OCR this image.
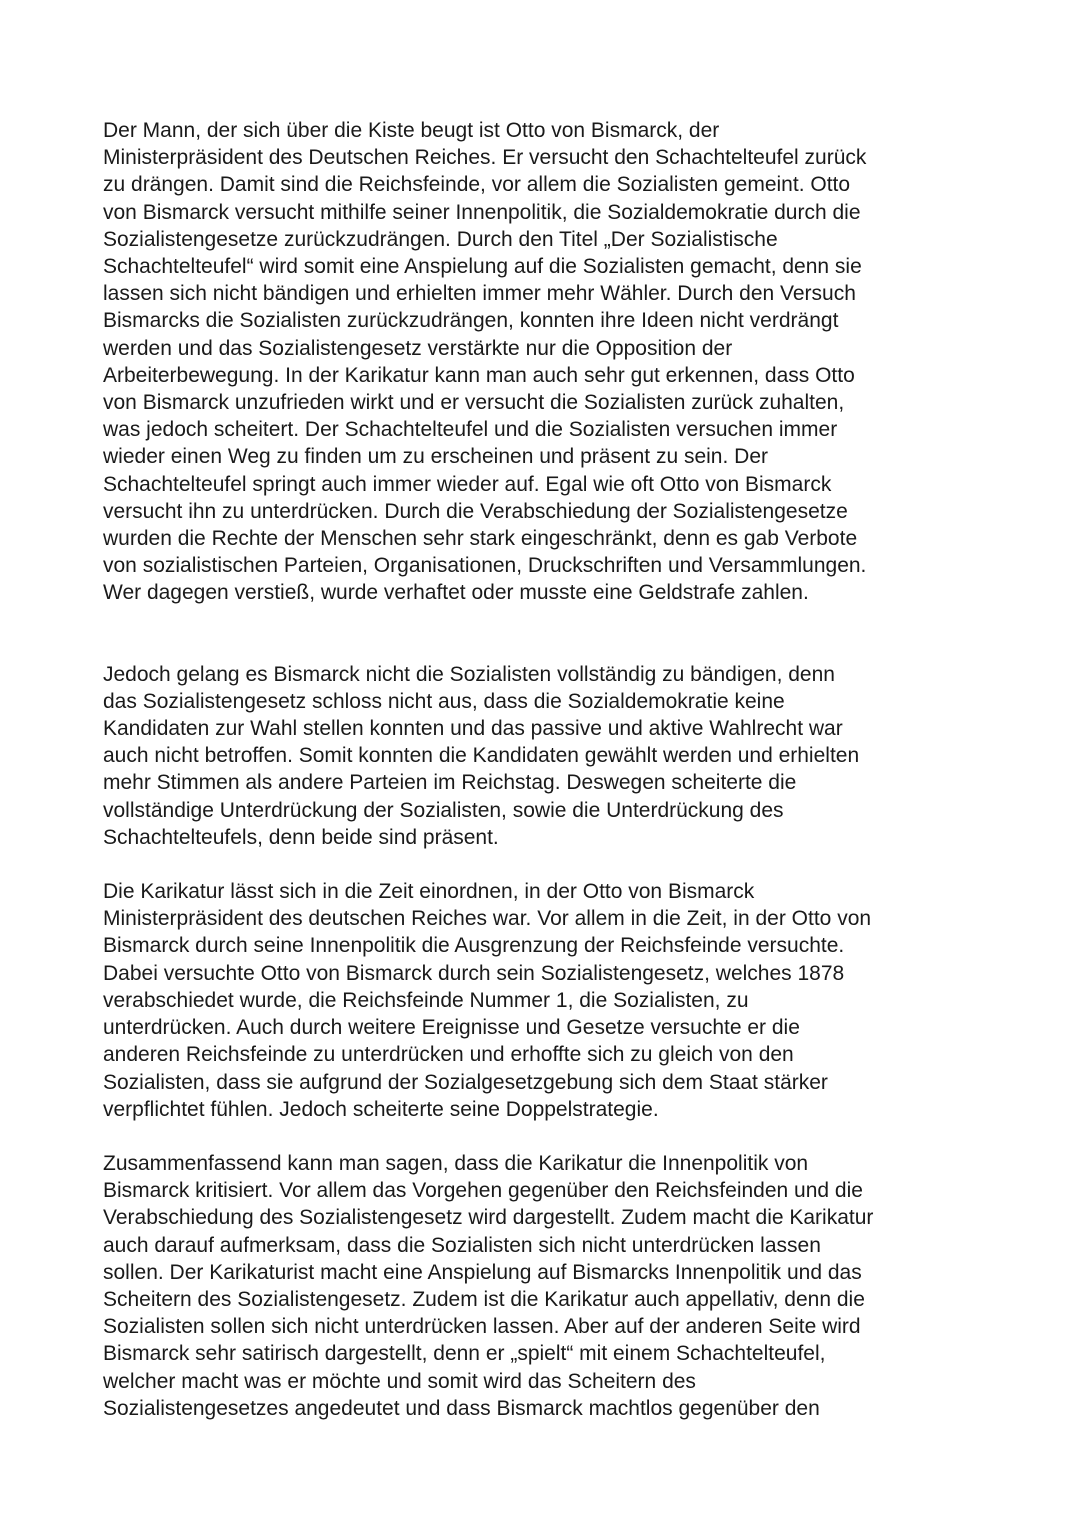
Der Mann, der sich über die Kiste beugt ist Otto von Bismarck, der
Ministerpräsident des Deutschen Reiches. Er versucht den Schachtelteufel zurück
zu drängen. Damit sind die Reichsfeinde, vor allem die Sozialisten gemeint. Otto
von Bismarck versucht mithilfe seiner Innenpolitik, die Sozialdemokratie durch die
Sozialistengesetze zurückzudrängen. Durch den Titel „Der Sozialistische
Schachtelteufel“ wird somit eine Anspielung auf die Sozialisten gemacht, denn sie
lassen sich nicht bändigen und erhielten immer mehr Wähler. Durch den Versuch
Bismarcks die Sozialisten zurückzudrängen, konnten ihre Ideen nicht verdrängt
werden und das Sozialistengesetz verstärkte nur die Opposition der
Arbeiterbewegung. In der Karikatur kann man auch sehr gut erkennen, dass Otto
von Bismarck unzufrieden wirkt und er versucht die Sozialisten zurück zuhalten,
was jedoch scheitert. Der Schachtelteufel und die Sozialisten versuchen immer
wieder einen Weg zu finden um zu erscheinen und präsent zu sein. Der
Schachtelteufel springt auch immer wieder auf. Egal wie oft Otto von Bismarck
versucht ihn zu unterdrücken. Durch die Verabschiedung der Sozialistengesetze
wurden die Rechte der Menschen sehr stark eingeschränkt, denn es gab Verbote
von sozialistischen Parteien, Organisationen, Druckschriften und Versammlungen.
Wer dagegen verstieß, wurde verhaftet oder musste eine Geldstrafe zahlen.

Jedoch gelang es Bismarck nicht die Sozialisten vollständig zu bändigen, denn
das Sozialistengesetz schloss nicht aus, dass die Sozialdemokratie keine
Kandidaten zur Wahl stellen konnten und das passive und aktive Wahlrecht war
auch nicht betroffen. Somit konnten die Kandidaten gewählt werden und erhielten
mehr Stimmen als andere Parteien im Reichstag. Deswegen scheiterte die
vollständige Unterdrückung der Sozialisten, sowie die Unterdrückung des
Schachtelteufels, denn beide sind präsent.

Die Karikatur lässt sich in die Zeit einordnen, in der Otto von Bismarck
Ministerpräsident des deutschen Reiches war. Vor allem in die Zeit, in der Otto von
Bismarck durch seine Innenpolitik die Ausgrenzung der Reichsfeinde versuchte.
Dabei versuchte Otto von Bismarck durch sein Sozialistengesetz, welches 1878
verabschiedet wurde, die Reichsfeinde Nummer 1, die Sozialisten, zu
unterdrücken. Auch durch weitere Ereignisse und Gesetze versuchte er die
anderen Reichsfeinde zu unterdrücken und erhoffte sich zu gleich von den
Sozialisten, dass sie aufgrund der Sozialgesetzgebung sich dem Staat stärker
verpflichtet fühlen. Jedoch scheiterte seine Doppelstrategie.

Zusammenfassend kann man sagen, dass die Karikatur die Innenpolitik von
Bismarck kritisiert. Vor allem das Vorgehen gegenüber den Reichsfeinden und die
Verabschiedung des Sozialistengesetz wird dargestellt. Zudem macht die Karikatur
auch darauf aufmerksam, dass die Sozialisten sich nicht unterdrücken lassen
sollen. Der Karikaturist macht eine Anspielung auf Bismarcks Innenpolitik und das
Scheitern des Sozialistengesetz. Zudem ist die Karikatur auch appellativ, denn die
Sozialisten sollen sich nicht unterdrücken lassen. Aber auf der anderen Seite wird
Bismarck sehr satirisch dargestellt, denn er „spielt“ mit einem Schachtelteufel,
welcher macht was er möchte und somit wird das Scheitern des
Sozialistengesetzes angedeutet und dass Bismarck machtlos gegenüber den
